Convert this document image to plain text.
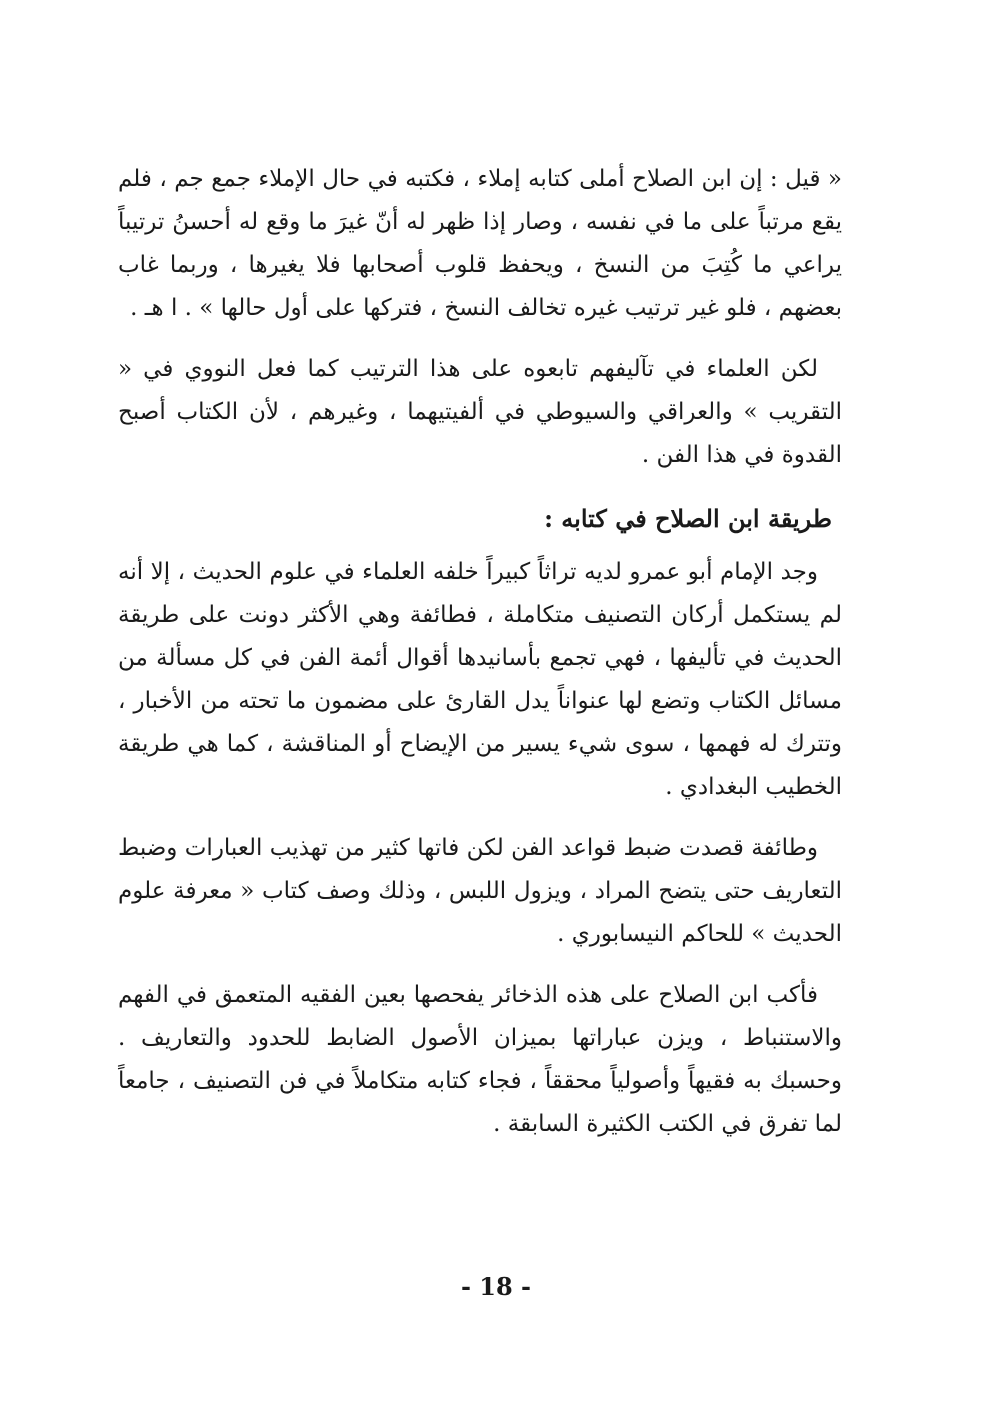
« قيل : إن ابن الصلاح أملى كتابه إملاء ، فكتبه في حال الإملاء جمع جم ، فلم يقع مرتباً على ما في نفسه ، وصار إذا ظهر له أنّ غيرَ ما وقع له أحسنُ ترتيباً يراعي ما كُتِبَ من النسخ ، ويحفظ قلوب أصحابها فلا يغيرها ، وربما غاب بعضهم ، فلو غير ترتيب غيره تخالف النسخ ، فتركها على أول حالها » . ا هـ .

لكن العلماء في تآليفهم تابعوه على هذا الترتيب كما فعل النووي في « التقريب » والعراقي والسيوطي في ألفيتيهما ، وغيرهم ، لأن الكتاب أصبح القدوة في هذا الفن .

طريقة ابن الصلاح في كتابه :

وجد الإمام أبو عمرو لديه تراثاً كبيراً خلفه العلماء في علوم الحديث ، إلا أنه لم يستكمل أركان التصنيف متكاملة ، فطائفة وهي الأكثر دونت على طريقة الحديث في تأليفها ، فهي تجمع بأسانيدها أقوال أئمة الفن في كل مسألة من مسائل الكتاب وتضع لها عنواناً يدل القارئ على مضمون ما تحته من الأخبار ، وتترك له فهمها ، سوى شيء يسير من الإيضاح أو المناقشة ، كما هي طريقة الخطيب البغدادي .

وطائفة قصدت ضبط قواعد الفن لكن فاتها كثير من تهذيب العبارات وضبط التعاريف حتى يتضح المراد ، ويزول اللبس ، وذلك وصف كتاب « معرفة علوم الحديث » للحاكم النيسابوري .

فأكب ابن الصلاح على هذه الذخائر يفحصها بعين الفقيه المتعمق في الفهم والاستنباط ، ويزن عباراتها بميزان الأصول الضابط للحدود والتعاريف . وحسبك به فقيهاً وأصولياً محققاً ، فجاء كتابه متكاملاً في فن التصنيف ، جامعاً لما تفرق في الكتب الكثيرة السابقة .

- 18 -
